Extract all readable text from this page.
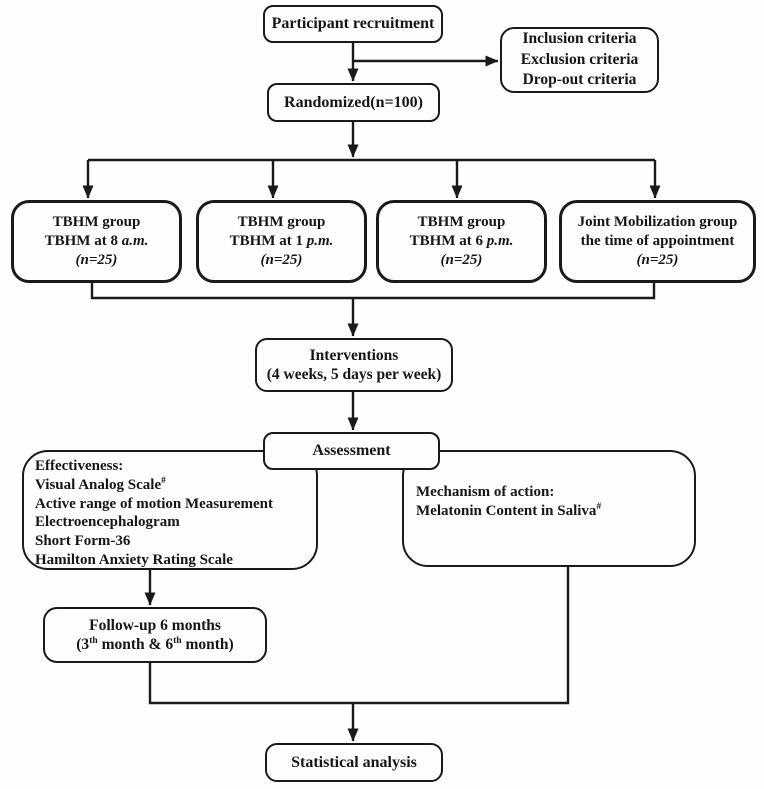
Participant recruitment
Inclusion criteria
Exclusion criteria
Drop-out criteria
Randomized(n=100)
TBHM group
TBHM at 8 a.m.
(n=25)
TBHM group
TBHM at 1 p.m.
(n=25)
TBHM group
TBHM at 6 p.m.
(n=25)
Joint Mobilization group
the time of appointment
(n=25)
Interventions
(4 weeks, 5 days per week)
Effectiveness:
Visual Analog Scale#
Active range of motion Measurement
Electroencephalogram
Short Form-36
Hamilton Anxiety Rating Scale
Mechanism of action:
Melatonin Content in Saliva#
Assessment
Follow-up 6 months
(3th month & 6th month)
Statistical analysis
